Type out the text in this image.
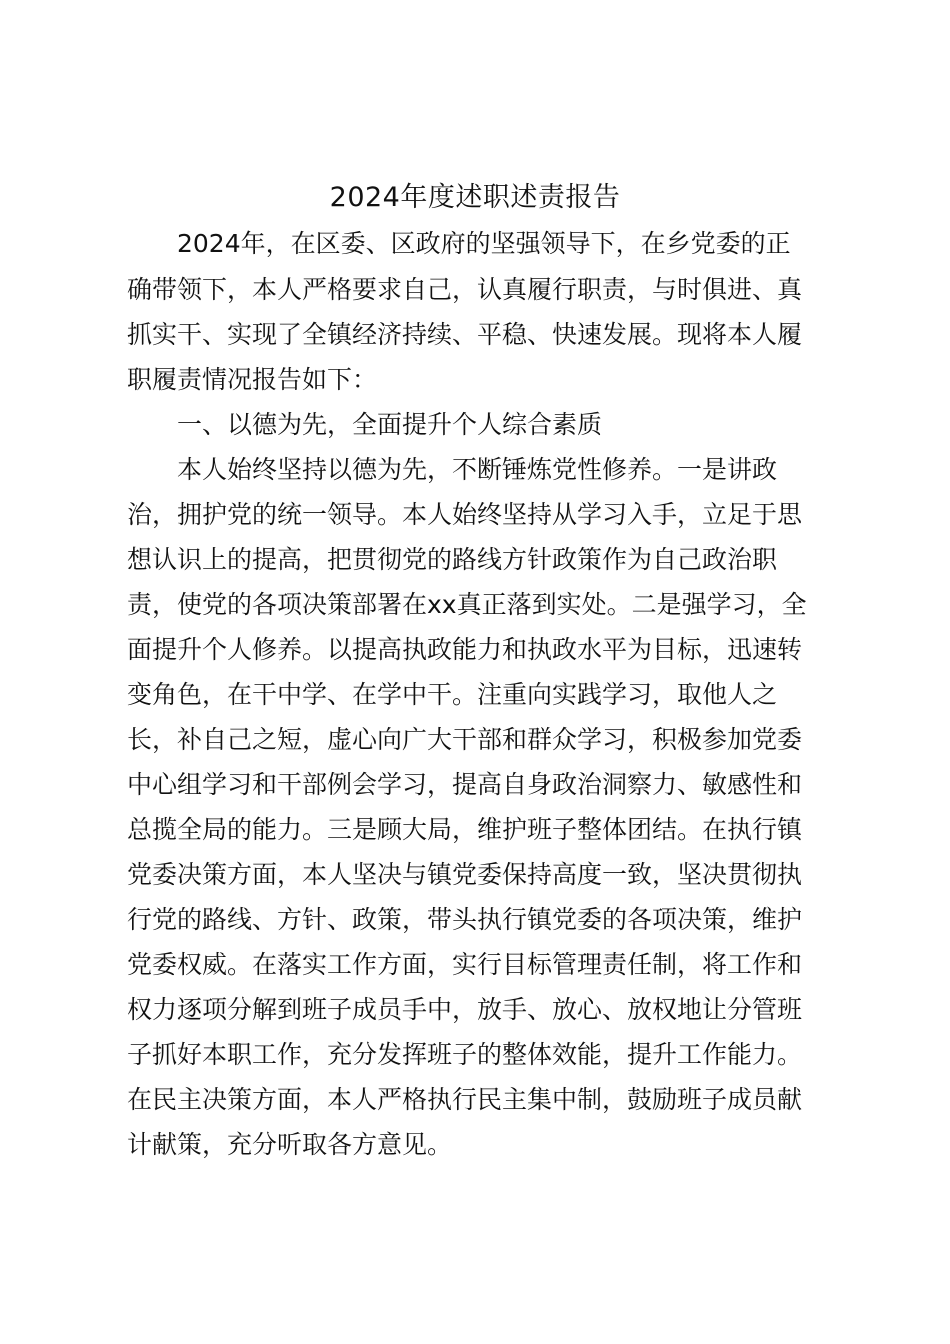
2024年度述职述责报告
2024年，在区委、区政府的坚强领导下，在乡党委的正
确带领下，本人严格要求自己，认真履行职责，与时俱进、真
抓实干、实现了全镇经济持续、平稳、快速发展。现将本人履
职履责情况报告如下：
一、以德为先，全面提升个人综合素质
本人始终坚持以德为先，不断锤炼党性修养。一是讲政
治，拥护党的统一领导。本人始终坚持从学习入手，立足于思
想认识上的提高，把贯彻党的路线方针政策作为自己政治职
责，使党的各项决策部署在xx真正落到实处。二是强学习，全
面提升个人修养。以提高执政能力和执政水平为目标，迅速转
变角色，在干中学、在学中干。注重向实践学习，取他人之
长，补自己之短，虚心向广大干部和群众学习，积极参加党委
中心组学习和干部例会学习，提高自身政治洞察力、敏感性和
总揽全局的能力。三是顾大局，维护班子整体团结。在执行镇
党委决策方面，本人坚决与镇党委保持高度一致，坚决贯彻执
行党的路线、方针、政策，带头执行镇党委的各项决策，维护
党委权威。在落实工作方面，实行目标管理责任制，将工作和
权力逐项分解到班子成员手中，放手、放心、放权地让分管班
子抓好本职工作，充分发挥班子的整体效能，提升工作能力。
在民主决策方面，本人严格执行民主集中制，鼓励班子成员献
计献策，充分听取各方意见。
